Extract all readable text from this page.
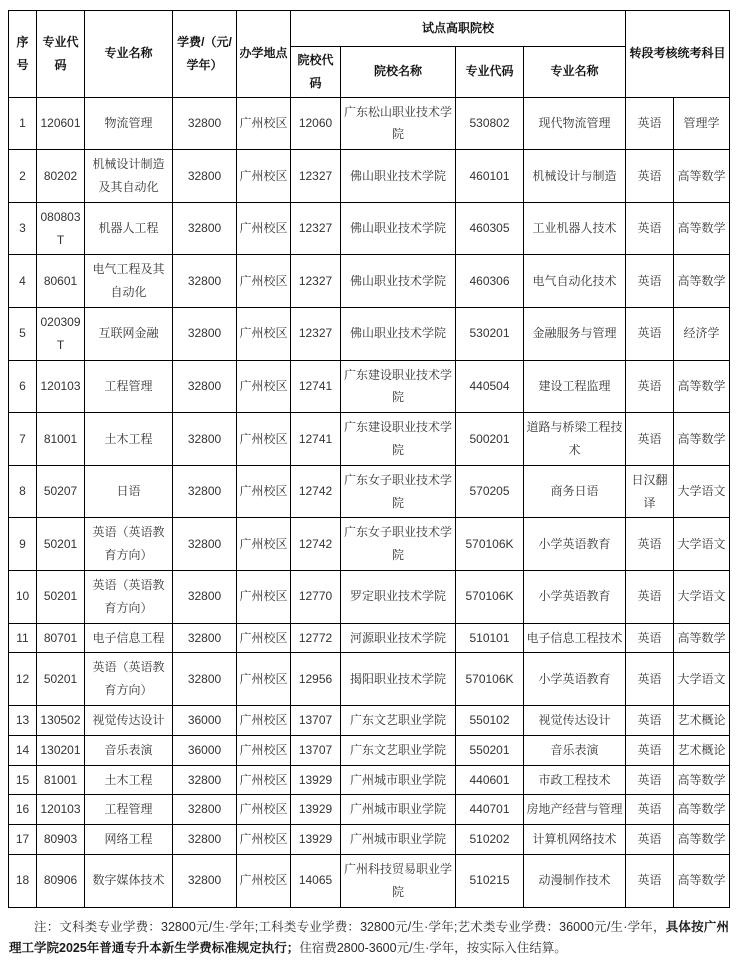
序号	专业代码	专业名称	学费/（元/学年）	办学地点	试点高职院校				转段考核统考科目	
					院校代码	院校名称	专业代码	专业名称		
1	120601	物流管理	32800	广州校区	12060	广东松山职业技术学院	530802	现代物流管理	英语	管理学
2	80202	机械设计制造及其自动化	32800	广州校区	12327	佛山职业技术学院	460101	机械设计与制造	英语	高等数学
3	080803T	机器人工程	32800	广州校区	12327	佛山职业技术学院	460305	工业机器人技术	英语	高等数学
4	80601	电气工程及其自动化	32800	广州校区	12327	佛山职业技术学院	460306	电气自动化技术	英语	高等数学
5	020309T	互联网金融	32800	广州校区	12327	佛山职业技术学院	530201	金融服务与管理	英语	经济学
6	120103	工程管理	32800	广州校区	12741	广东建设职业技术学院	440504	建设工程监理	英语	高等数学
7	81001	土木工程	32800	广州校区	12741	广东建设职业技术学院	500201	道路与桥梁工程技术	英语	高等数学
8	50207	日语	32800	广州校区	12742	广东女子职业技术学院	570205	商务日语	日汉翻译	大学语文
9	50201	英语（英语教育方向）	32800	广州校区	12742	广东女子职业技术学院	570106K	小学英语教育	英语	大学语文
10	50201	英语（英语教育方向）	32800	广州校区	12770	罗定职业技术学院	570106K	小学英语教育	英语	大学语文
11	80701	电子信息工程	32800	广州校区	12772	河源职业技术学院	510101	电子信息工程技术	英语	高等数学
12	50201	英语（英语教育方向）	32800	广州校区	12956	揭阳职业技术学院	570106K	小学英语教育	英语	大学语文
13	130502	视觉传达设计	36000	广州校区	13707	广东文艺职业学院	550102	视觉传达设计	英语	艺术概论
14	130201	音乐表演	36000	广州校区	13707	广东文艺职业学院	550201	音乐表演	英语	艺术概论
15	81001	土木工程	32800	广州校区	13929	广州城市职业学院	440601	市政工程技术	英语	高等数学
16	120103	工程管理	32800	广州校区	13929	广州城市职业学院	440701	房地产经营与管理	英语	高等数学
17	80903	网络工程	32800	广州校区	13929	广州城市职业学院	510202	计算机网络技术	英语	高等数学
18	80906	数字媒体技术	32800	广州校区	14065	广州科技贸易职业学院	510215	动漫制作技术	英语	高等数学

注：文科类专业学费：32800元/生·学年;工科类专业学费：32800元/生·学年;艺术类专业学费：36000元/生·学年，具体按广州理工学院2025年普通专升本新生学费标准规定执行；住宿费2800-3600元/生·学年，按实际入住结算。
